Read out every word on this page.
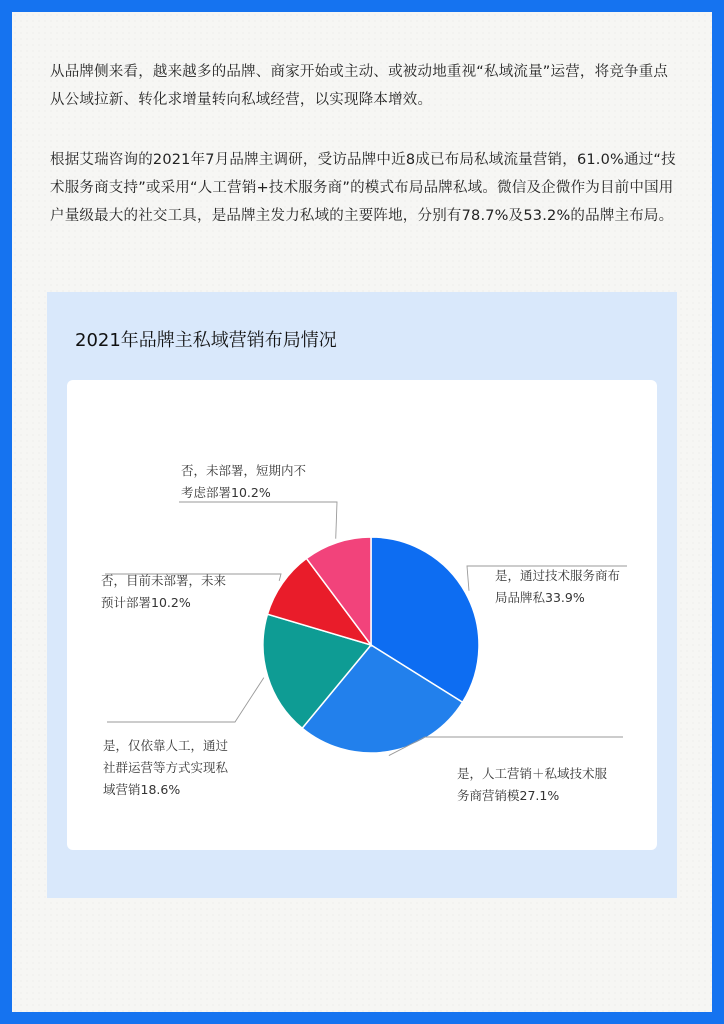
从品牌侧来看，越来越多的品牌、商家开始或主动、或被动地重视“私域流量”运营，将竞争重点从公域拉新、转化求增量转向私域经营，以实现降本增效。

根据艾瑞咨询的2021年7月品牌主调研，受访品牌中近8成已布局私域流量营销，61.0%通过“技术服务商支持”或采用“人工营销+技术服务商”的模式布局品牌私域。微信及企微作为目前中国用户量级最大的社交工具，是品牌主发力私域的主要阵地，分别有78.7%及53.2%的品牌主布局。

2021年品牌主私域营销布局情况
是，通过技术服务商布局品牌私33.9%
是，人工营销＋私域技术服务商营销模27.1%
是，仅依靠人工，通过社群运营等方式实现私域营销18.6%
否，目前未部署，未来预计部署10.2%
否，未部署，短期内不考虑部署10.2%
